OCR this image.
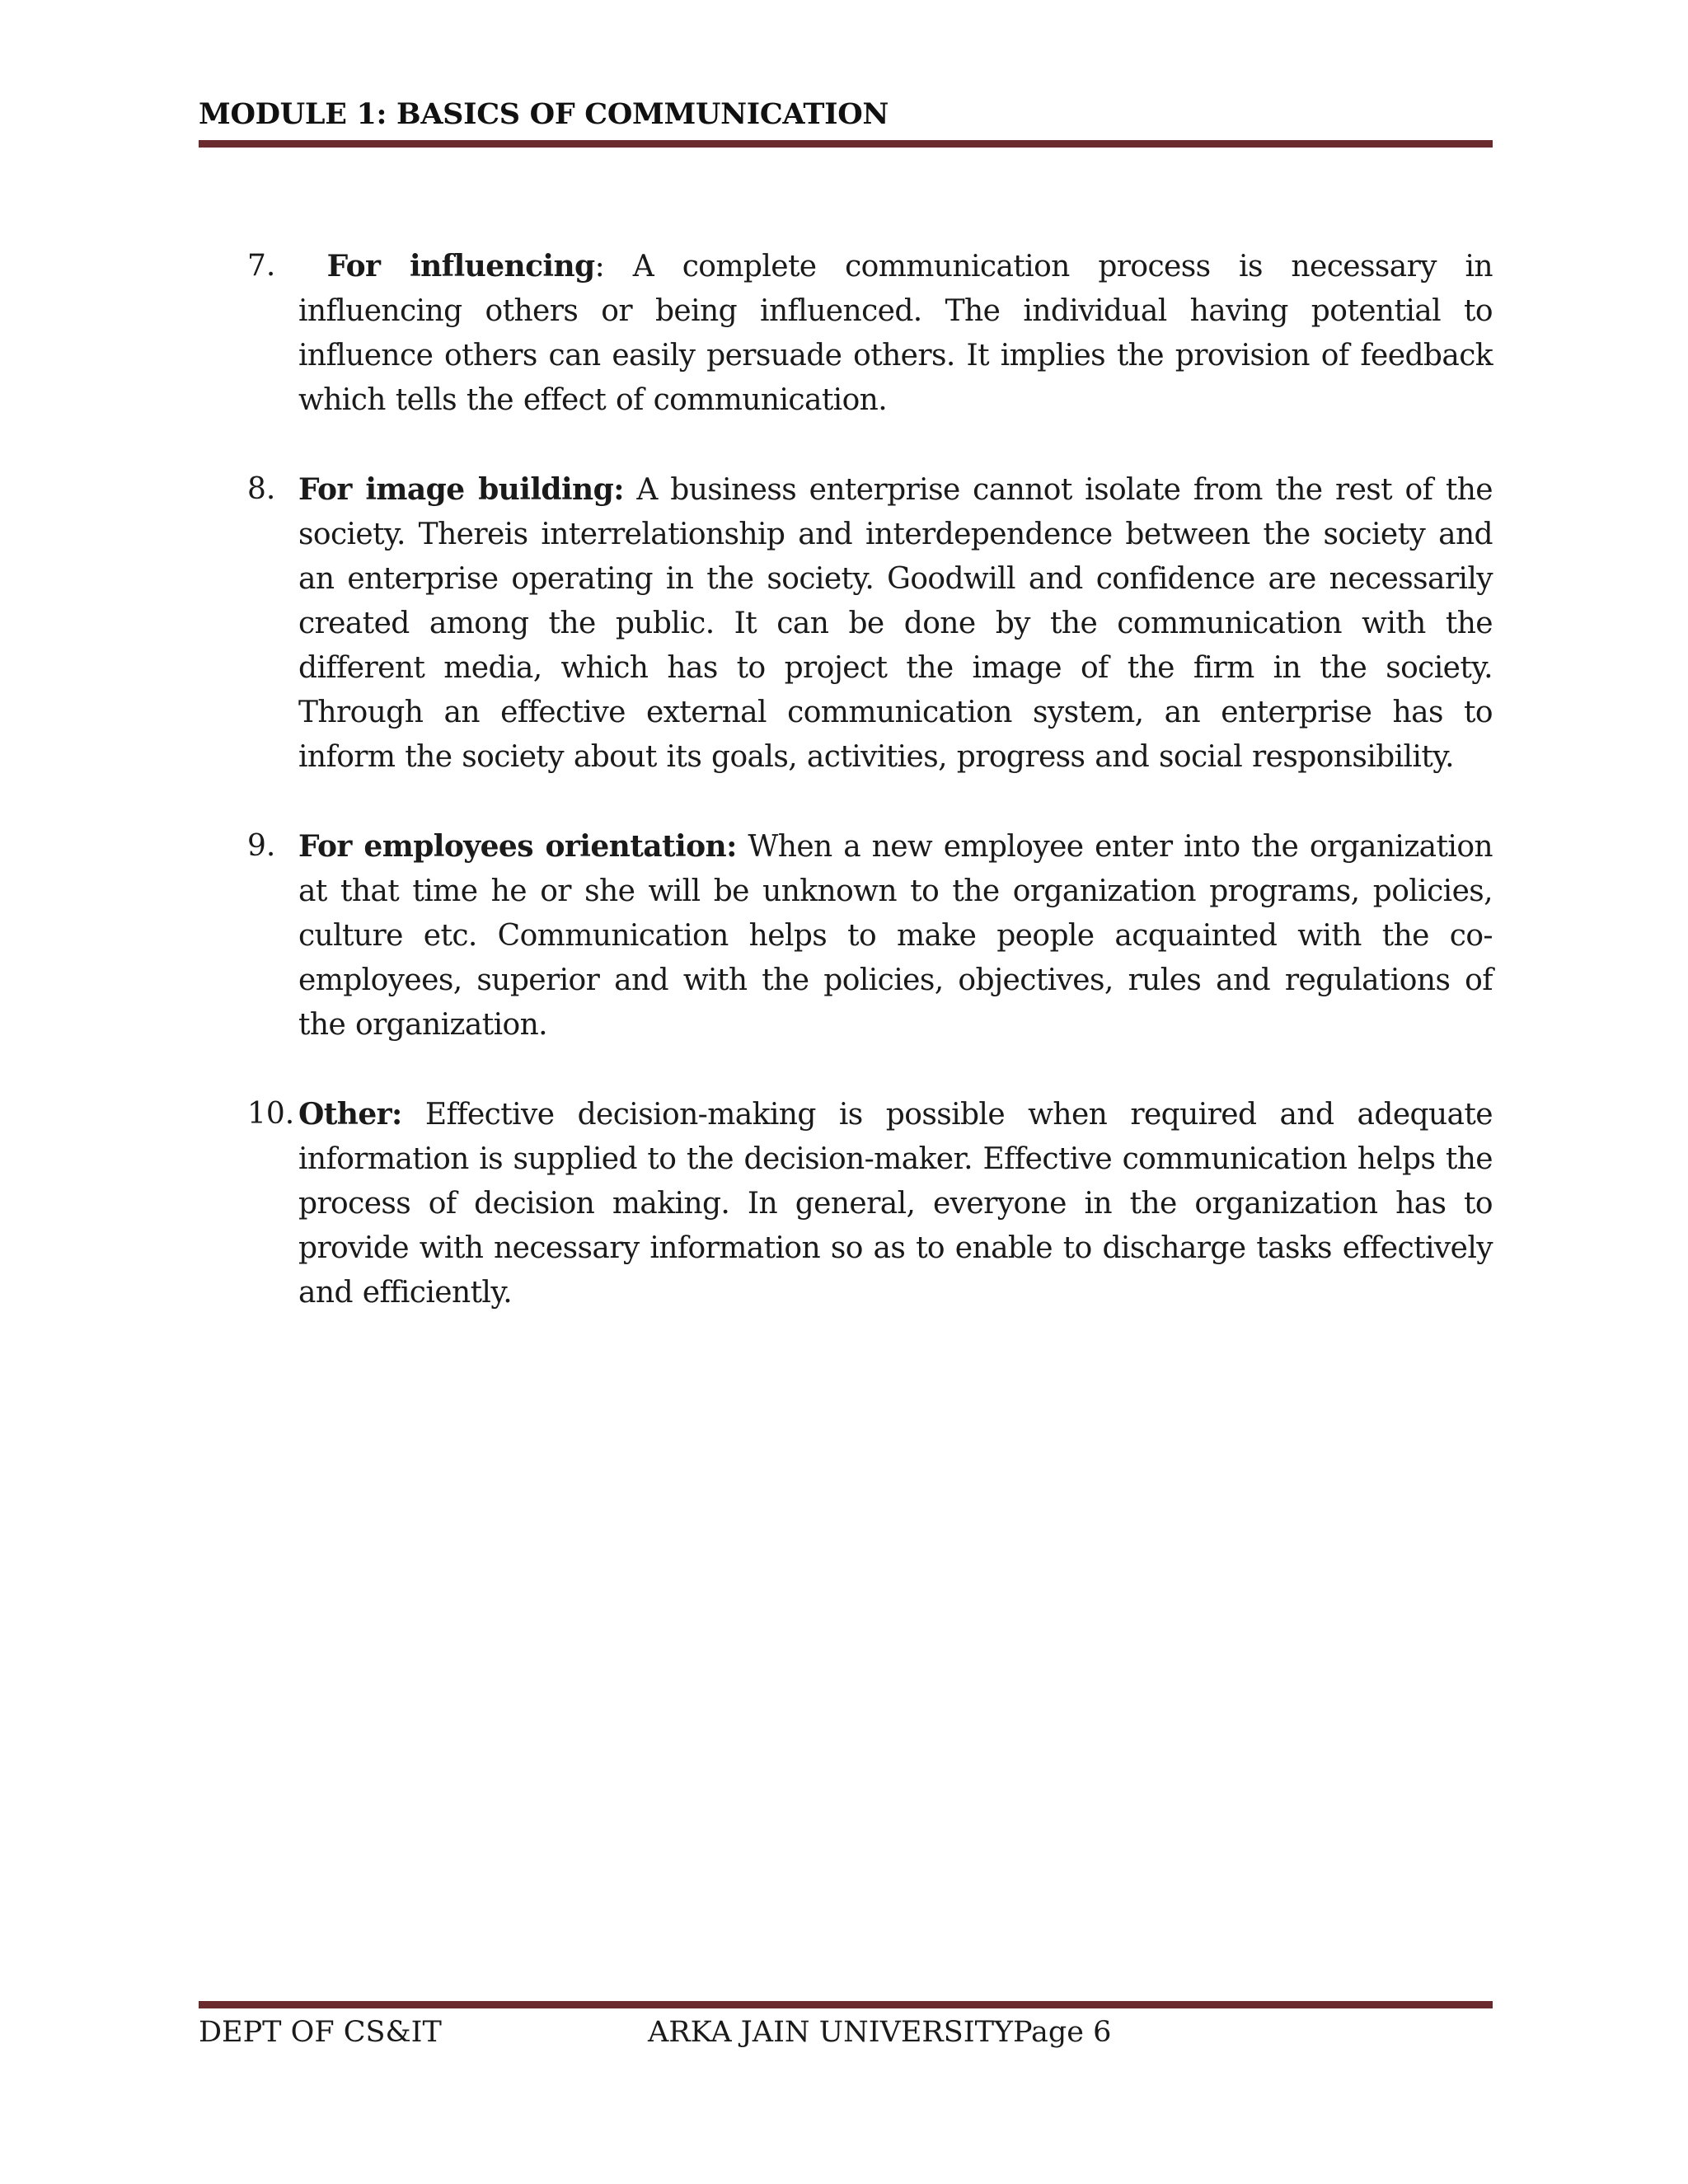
MODULE 1: BASICS OF COMMUNICATION
7.	For influencing: A complete communication process is necessary in influencing others or being influenced. The individual having potential to influence others can easily persuade others. It implies the provision of feedback which tells the effect of communication.
8. For image building: A business enterprise cannot isolate from the rest of the society. Thereis interrelationship and interdependence between the society and an enterprise operating in the society. Goodwill and confidence are necessarily created among the public. It can be done by the communication with the different media, which has to project the image of the firm in the society. Through an effective external communication system, an enterprise has to inform the society about its goals, activities, progress and social responsibility.
9. For employees orientation: When a new employee enter into the organization at that time he or she will be unknown to the organization programs, policies, culture etc. Communication helps to make people acquainted with the co-employees, superior and with the policies, objectives, rules and regulations of the organization.
10. Other: Effective decision-making is possible when required and adequate information is supplied to the decision-maker. Effective communication helps the process of decision making. In general, everyone in the organization has to provide with necessary information so as to enable to discharge tasks effectively and efficiently.
DEPT OF CS&IT	ARKA JAIN UNIVERSITYPage 6
